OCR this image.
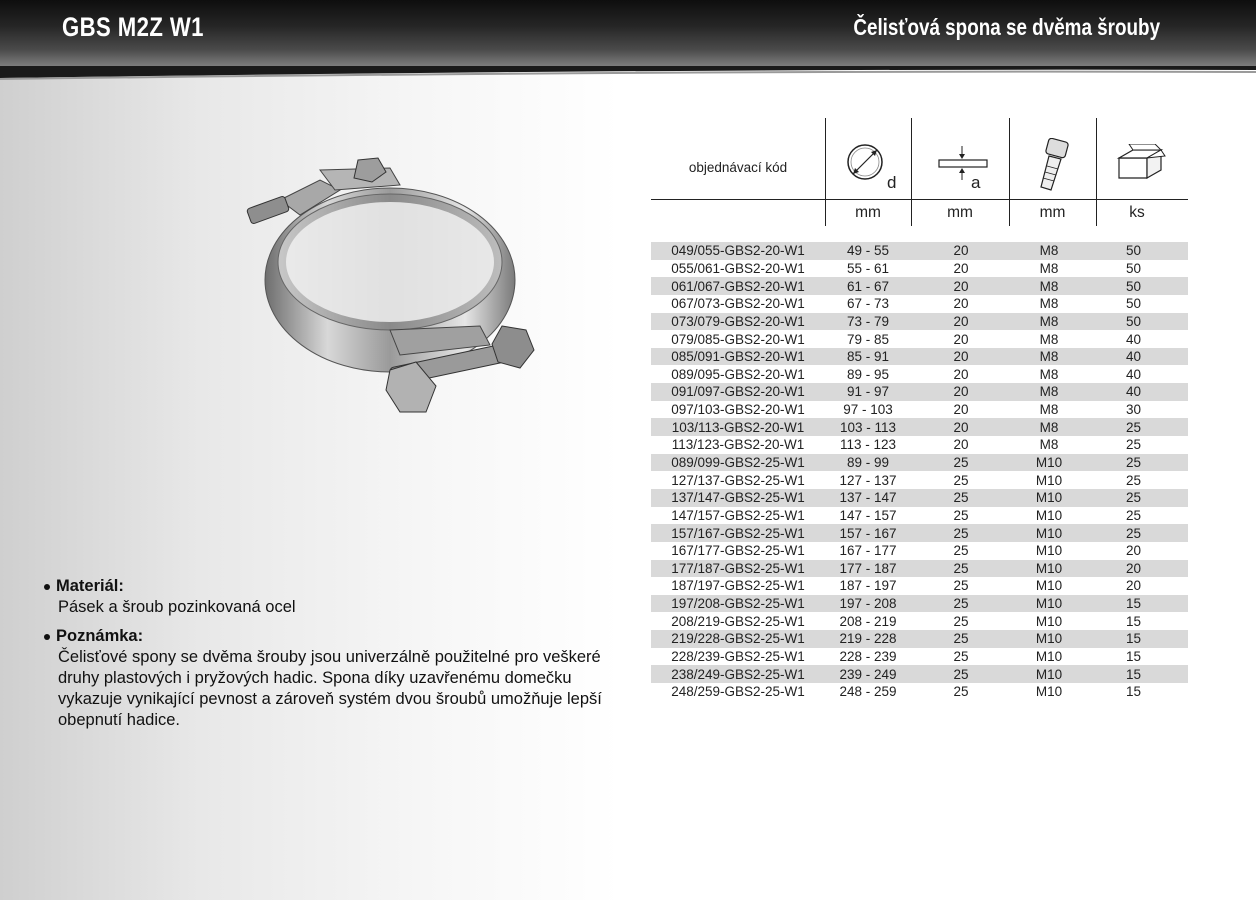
GBS M2Z W1	Čelisťová spona se dvěma šrouby
Materiál:
Pásek a šroub pozinkovaná ocel
Poznámka:
Čelisťové spony se dvěma šrouby jsou univerzálně použitelné pro veškeré druhy plastových i pryžových hadic. Spona díky uzavřenému domečku vykazuje vynikající pevnost a zároveň systém dvou šroubů umožňuje lepší obepnutí hadice.
objednávací kód
d	a
mm	mm	mm	ks
049/055-GBS2-20-W1	49 - 55	20	M8	50
055/061-GBS2-20-W1	55 - 61	20	M8	50
061/067-GBS2-20-W1	61 - 67	20	M8	50
067/073-GBS2-20-W1	67 - 73	20	M8	50
073/079-GBS2-20-W1	73 - 79	20	M8	50
079/085-GBS2-20-W1	79 - 85	20	M8	40
085/091-GBS2-20-W1	85 - 91	20	M8	40
089/095-GBS2-20-W1	89 - 95	20	M8	40
091/097-GBS2-20-W1	91 - 97	20	M8	40
097/103-GBS2-20-W1	97 - 103	20	M8	30
103/113-GBS2-20-W1	103 - 113	20	M8	25
113/123-GBS2-20-W1	113 - 123	20	M8	25
089/099-GBS2-25-W1	89 - 99	25	M10	25
127/137-GBS2-25-W1	127 - 137	25	M10	25
137/147-GBS2-25-W1	137 - 147	25	M10	25
147/157-GBS2-25-W1	147 - 157	25	M10	25
157/167-GBS2-25-W1	157 - 167	25	M10	25
167/177-GBS2-25-W1	167 - 177	25	M10	20
177/187-GBS2-25-W1	177 - 187	25	M10	20
187/197-GBS2-25-W1	187 - 197	25	M10	20
197/208-GBS2-25-W1	197 - 208	25	M10	15
208/219-GBS2-25-W1	208 - 219	25	M10	15
219/228-GBS2-25-W1	219 - 228	25	M10	15
228/239-GBS2-25-W1	228 - 239	25	M10	15
238/249-GBS2-25-W1	239 - 249	25	M10	15
248/259-GBS2-25-W1	248 - 259	25	M10	15
